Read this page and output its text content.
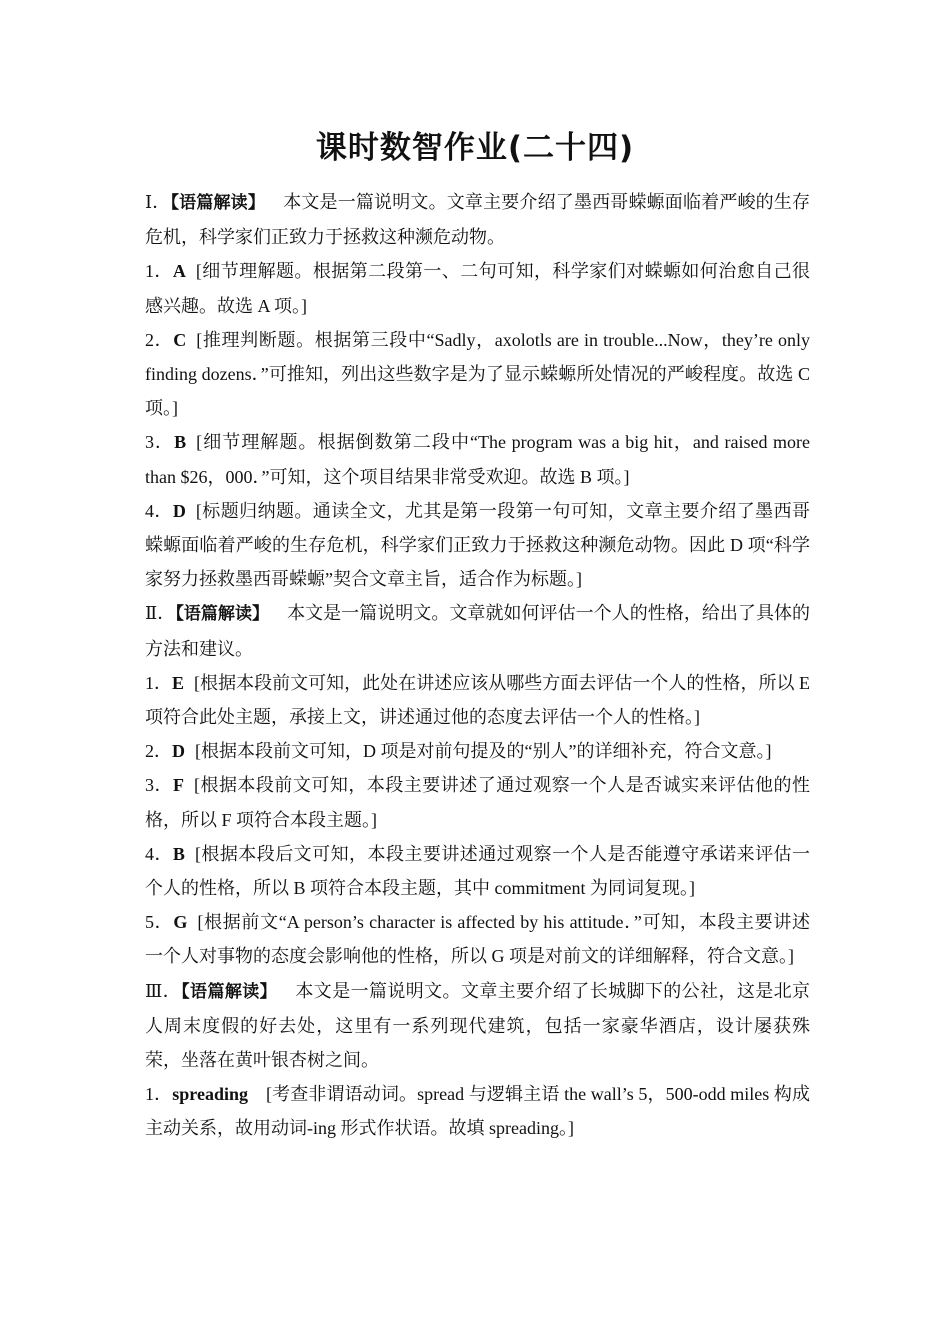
课时数智作业(二十四)

Ⅰ．【语篇解读】 本文是一篇说明文。文章主要介绍了墨西哥蝾螈面临着严峻的生存危机，科学家们正致力于拯救这种濒危动物。

1．A [细节理解题。根据第二段第一、二句可知，科学家们对蝾螈如何治愈自己很感兴趣。故选 A 项。]

2．C [推理判断题。根据第三段中“Sadly，axolotls are in trouble...Now，they’re only finding dozens．”可推知，列出这些数字是为了显示蝾螈所处情况的严峻程度。故选 C 项。]

3．B [细节理解题。根据倒数第二段中“The program was a big hit，and raised more than $26，000．”可知，这个项目结果非常受欢迎。故选 B 项。]

4．D [标题归纳题。通读全文，尤其是第一段第一句可知，文章主要介绍了墨西哥蝾螈面临着严峻的生存危机，科学家们正致力于拯救这种濒危动物。因此 D 项“科学家努力拯救墨西哥蝾螈”契合文章主旨，适合作为标题。]

Ⅱ．【语篇解读】 本文是一篇说明文。文章就如何评估一个人的性格，给出了具体的方法和建议。

1．E [根据本段前文可知，此处在讲述应该从哪些方面去评估一个人的性格，所以 E 项符合此处主题，承接上文，讲述通过他的态度去评估一个人的性格。]

2．D [根据本段前文可知，D 项是对前句提及的“别人”的详细补充，符合文意。]

3．F [根据本段前文可知，本段主要讲述了通过观察一个人是否诚实来评估他的性格，所以 F 项符合本段主题。]

4．B [根据本段后文可知，本段主要讲述通过观察一个人是否能遵守承诺来评估一个人的性格，所以 B 项符合本段主题，其中 commitment 为同词复现。]

5．G [根据前文“A person’s character is affected by his attitude．”可知，本段主要讲述一个人对事物的态度会影响他的性格，所以 G 项是对前文的详细解释，符合文意。]

Ⅲ．【语篇解读】 本文是一篇说明文。文章主要介绍了长城脚下的公社，这是北京人周末度假的好去处，这里有一系列现代建筑，包括一家豪华酒店，设计屡获殊荣，坐落在黄叶银杏树之间。

1．spreading [考查非谓语动词。spread 与逻辑主语 the wall’s 5，500-odd miles 构成主动关系，故用动词-ing 形式作状语。故填 spreading。]
